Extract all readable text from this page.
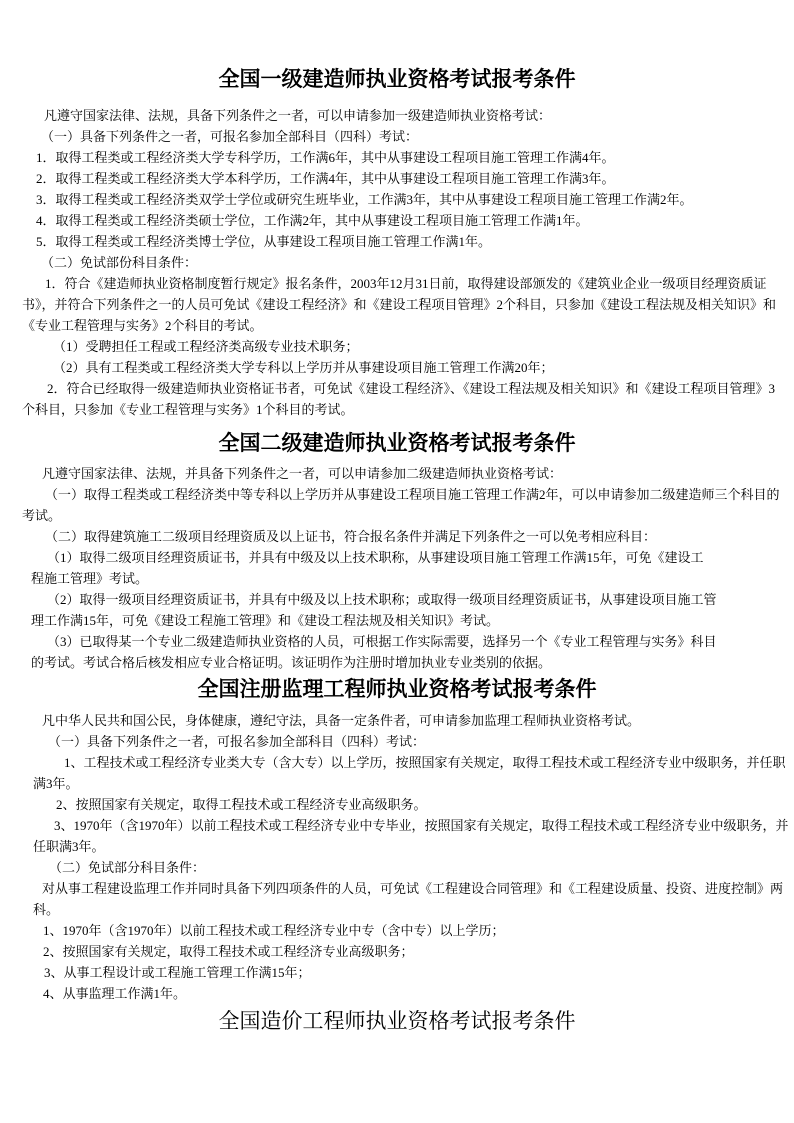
全国一级建造师执业资格考试报考条件
凡遵守国家法律、法规，具备下列条件之一者，可以申请参加一级建造师执业资格考试：
（一）具备下列条件之一者，可报名参加全部科目（四科）考试：
1．取得工程类或工程经济类大学专科学历，工作满6年，其中从事建设工程项目施工管理工作满4年。
2．取得工程类或工程经济类大学本科学历，工作满4年，其中从事建设工程项目施工管理工作满3年。
3．取得工程类或工程经济类双学士学位或研究生班毕业，工作满3年，其中从事建设工程项目施工管理工作满2年。
4．取得工程类或工程经济类硕士学位，工作满2年，其中从事建设工程项目施工管理工作满1年。
5．取得工程类或工程经济类博士学位，从事建设工程项目施工管理工作满1年。
（二）免试部份科目条件：
1．符合《建造师执业资格制度暂行规定》报名条件，2003年12月31日前，取得建设部颁发的《建筑业企业一级项目经理资质证
书》，并符合下列条件之一的人员可免试《建设工程经济》和《建设工程项目管理》2个科目，只参加《建设工程法规及相关知识》和
《专业工程管理与实务》2个科目的考试。
（1）受聘担任工程或工程经济类高级专业技术职务；
（2）具有工程类或工程经济类大学专科以上学历并从事建设项目施工管理工作满20年；
2．符合已经取得一级建造师执业资格证书者，可免试《建设工程经济》、《建设工程法规及相关知识》和《建设工程项目管理》3
个科目，只参加《专业工程管理与实务》1个科目的考试。
全国二级建造师执业资格考试报考条件
凡遵守国家法律、法规，并具备下列条件之一者，可以申请参加二级建造师执业资格考试：
（一）取得工程类或工程经济类中等专科以上学历并从事建设工程项目施工管理工作满2年，可以申请参加二级建造师三个科目的
考试。
（二）取得建筑施工二级项目经理资质及以上证书，符合报名条件并满足下列条件之一可以免考相应科目：
（1）取得二级项目经理资质证书，并具有中级及以上技术职称，从事建设项目施工管理工作满15年，可免《建设工
程施工管理》考试。
（2）取得一级项目经理资质证书，并具有中级及以上技术职称；或取得一级项目经理资质证书，从事建设项目施工管
理工作满15年，可免《建设工程施工管理》和《建设工程法规及相关知识》考试。
（3）已取得某一个专业二级建造师执业资格的人员，可根据工作实际需要，选择另一个《专业工程管理与实务》科目
的考试。考试合格后核发相应专业合格证明。该证明作为注册时增加执业专业类别的依据。
全国注册监理工程师执业资格考试报考条件
凡中华人民共和国公民，身体健康，遵纪守法，具备一定条件者，可申请参加监理工程师执业资格考试。
（一）具备下列条件之一者，可报名参加全部科目（四科）考试：
1、工程技术或工程经济专业类大专（含大专）以上学历，按照国家有关规定，取得工程技术或工程经济专业中级职务，并任职
满3年。
2、按照国家有关规定，取得工程技术或工程经济专业高级职务。
3、1970年（含1970年）以前工程技术或工程经济专业中专毕业，按照国家有关规定，取得工程技术或工程经济专业中级职务，并
任职满3年。
（二）免试部分科目条件：
对从事工程建设监理工作并同时具备下列四项条件的人员，可免试《工程建设合同管理》和《工程建设质量、投资、进度控制》两
科。
1、1970年（含1970年）以前工程技术或工程经济专业中专（含中专）以上学历；
2、按照国家有关规定，取得工程技术或工程经济专业高级职务；
3、从事工程设计或工程施工管理工作满15年；
4、从事监理工作满1年。
全国造价工程师执业资格考试报考条件
